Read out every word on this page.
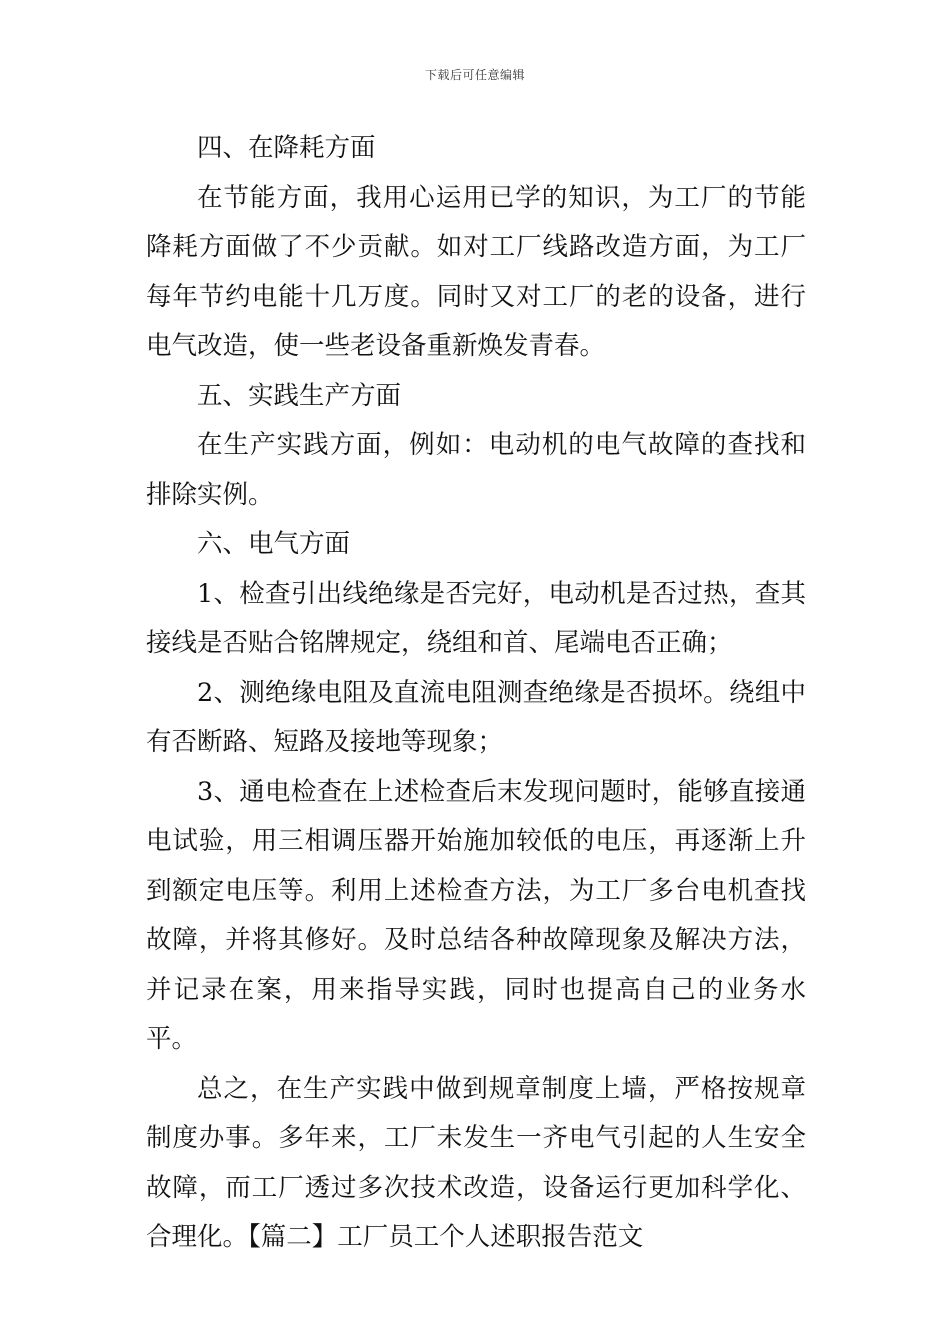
下载后可任意编辑

四、在降耗方面

在节能方面，我用心运用已学的知识，为工厂的节能降耗方面做了不少贡献。如对工厂线路改造方面，为工厂每年节约电能十几万度。同时又对工厂的老的设备，进行电气改造，使一些老设备重新焕发青春。

五、实践生产方面

在生产实践方面，例如：电动机的电气故障的查找和排除实例。

六、电气方面

1、检查引出线绝缘是否完好，电动机是否过热，查其接线是否贴合铭牌规定，绕组和首、尾端电否正确；

2、测绝缘电阻及直流电阻测查绝缘是否损坏。绕组中有否断路、短路及接地等现象；

3、通电检查在上述检查后末发现问题时，能够直接通电试验，用三相调压器开始施加较低的电压，再逐渐上升到额定电压等。利用上述检查方法，为工厂多台电机查找故障，并将其修好。及时总结各种故障现象及解决方法，并记录在案，用来指导实践，同时也提高自己的业务水平。

总之，在生产实践中做到规章制度上墙，严格按规章制度办事。多年来，工厂未发生一齐电气引起的人生安全故障，而工厂透过多次技术改造，设备运行更加科学化、合理化。【篇二】工厂员工个人述职报告范文
